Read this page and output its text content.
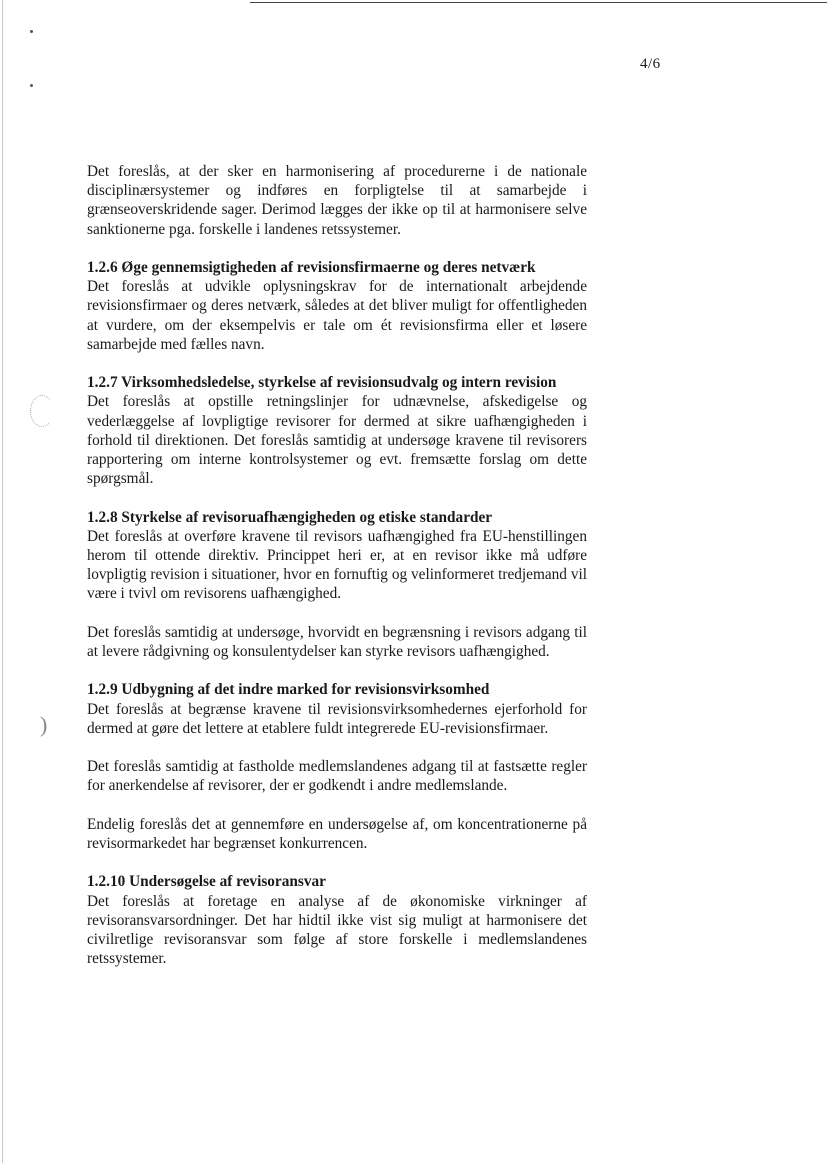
)
4/6

Det foreslås, at der sker en harmonisering af procedurerne i de nationale disciplinærsystemer og indføres en forpligtelse til at samarbejde i grænseoverskridende sager. Derimod lægges der ikke op til at harmonisere selve sanktionerne pga. forskelle i landenes retssystemer.

1.2.6 Øge gennemsigtigheden af revisionsfirmaerne og deres netværk

Det foreslås at udvikle oplysningskrav for de internationalt arbejdende revisionsfirmaer og deres netværk, således at det bliver muligt for offentligheden at vurdere, om der eksempelvis er tale om ét revisionsfirma eller et løsere samarbejde med fælles navn.

1.2.7 Virksomhedsledelse, styrkelse af revisionsudvalg og intern revision

Det foreslås at opstille retningslinjer for udnævnelse, afskedigelse og vederlæggelse af lovpligtige revisorer for dermed at sikre uafhængigheden i forhold til direktionen. Det foreslås samtidig at undersøge kravene til revisorers rapportering om interne kontrolsystemer og evt. fremsætte forslag om dette spørgsmål.

1.2.8 Styrkelse af revisoruafhængigheden og etiske standarder

Det foreslås at overføre kravene til revisors uafhængighed fra EU-henstillingen herom til ottende direktiv. Princippet heri er, at en revisor ikke må udføre lovpligtig revision i situationer, hvor en fornuftig og velinformeret tredjemand vil være i tvivl om revisorens uafhængighed.

Det foreslås samtidig at undersøge, hvorvidt en begrænsning i revisors adgang til at levere rådgivning og konsulentydelser kan styrke revisors uafhængighed.

1.2.9 Udbygning af det indre marked for revisionsvirksomhed

Det foreslås at begrænse kravene til revisionsvirksomhedernes ejerforhold for dermed at gøre det lettere at etablere fuldt integrerede EU-revisionsfirmaer.

Det foreslås samtidig at fastholde medlemslandenes adgang til at fastsætte regler for anerkendelse af revisorer, der er godkendt i andre medlemslande.

Endelig foreslås det at gennemføre en undersøgelse af, om koncentrationerne på revisormarkedet har begrænset konkurrencen.

1.2.10 Undersøgelse af revisoransvar

Det foreslås at foretage en analyse af de økonomiske virkninger af revisoransvarsordninger. Det har hidtil ikke vist sig muligt at harmonisere det civilretlige revisoransvar som følge af store forskelle i medlemslandenes retssystemer.
